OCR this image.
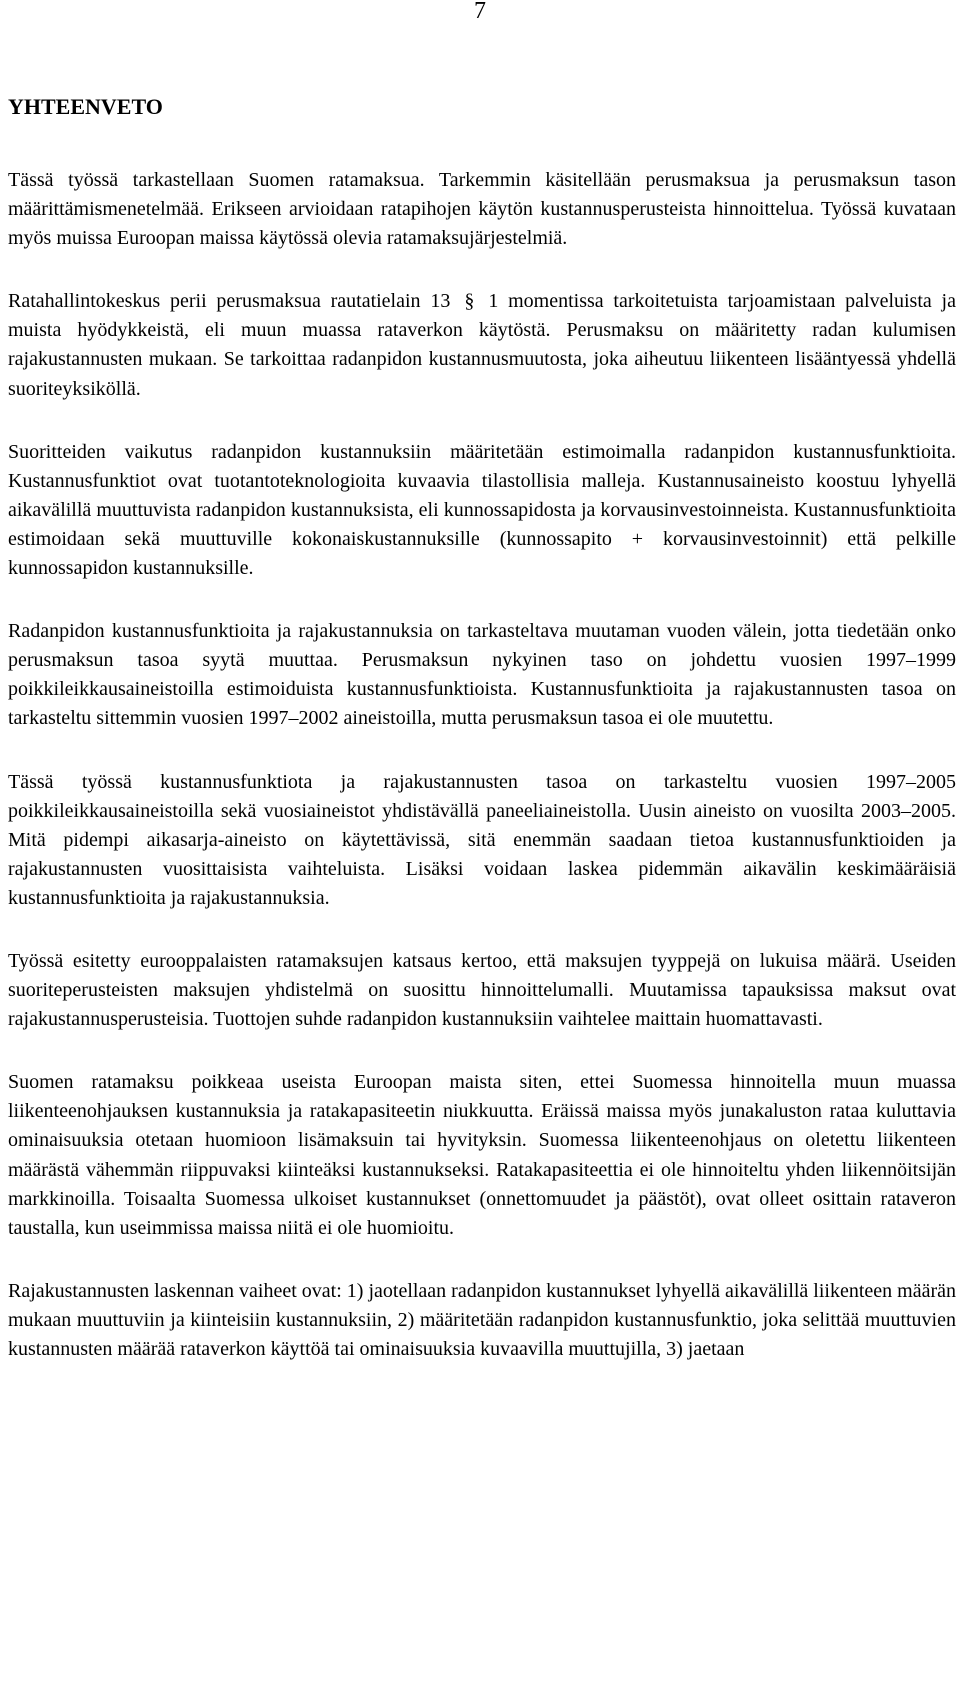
7
YHTEENVETO

Tässä työssä tarkastellaan Suomen ratamaksua. Tarkemmin käsitellään perusmaksua ja perusmaksun tason määrittämismenetelmää. Erikseen arvioidaan ratapihojen käytön kustannusperusteista hinnoittelua. Työssä kuvataan myös muissa Euroopan maissa käytössä olevia ratamaksujärjestelmiä.

Ratahallintokeskus perii perusmaksua rautatielain 13 § 1 momentissa tarkoitetuista tarjoamistaan palveluista ja muista hyödykkeistä, eli muun muassa rataverkon käytöstä. Perusmaksu on määritetty radan kulumisen rajakustannusten mukaan. Se tarkoittaa radanpidon kustannusmuutosta, joka aiheutuu liikenteen lisääntyessä yhdellä suoriteyksiköllä.

Suoritteiden vaikutus radanpidon kustannuksiin määritetään estimoimalla radanpidon kustannusfunktioita. Kustannusfunktiot ovat tuotantoteknologioita kuvaavia tilastollisia malleja. Kustannusaineisto koostuu lyhyellä aikavälillä muuttuvista radanpidon kustannuksista, eli kunnossapidosta ja korvausinvestoinneista. Kustannusfunktioita estimoidaan sekä muuttuville kokonaiskustannuksille (kunnossapito + korvausinvestoinnit) että pelkille kunnossapidon kustannuksille.

Radanpidon kustannusfunktioita ja rajakustannuksia on tarkasteltava muutaman vuoden välein, jotta tiedetään onko perusmaksun tasoa syytä muuttaa. Perusmaksun nykyinen taso on johdettu vuosien 1997–1999 poikkileikkausaineistoilla estimoiduista kustannusfunktioista. Kustannusfunktioita ja rajakustannusten tasoa on tarkasteltu sittemmin vuosien 1997–2002 aineistoilla, mutta perusmaksun tasoa ei ole muutettu.

Tässä työssä kustannusfunktiota ja rajakustannusten tasoa on tarkasteltu vuosien 1997–2005 poikkileikkausaineistoilla sekä vuosiaineistot yhdistävällä paneeliaineistolla. Uusin aineisto on vuosilta 2003–2005. Mitä pidempi aikasarja-aineisto on käytettävissä, sitä enemmän saadaan tietoa kustannusfunktioiden ja rajakustannusten vuosittaisista vaihteluista. Lisäksi voidaan laskea pidemmän aikavälin keskimääräisiä kustannusfunktioita ja rajakustannuksia.

Työssä esitetty eurooppalaisten ratamaksujen katsaus kertoo, että maksujen tyyppejä on lukuisa määrä. Useiden suoriteperusteisten maksujen yhdistelmä on suosittu hinnoittelumalli. Muutamissa tapauksissa maksut ovat rajakustannusperusteisia. Tuottojen suhde radanpidon kustannuksiin vaihtelee maittain huomattavasti.

Suomen ratamaksu poikkeaa useista Euroopan maista siten, ettei Suomessa hinnoitella muun muassa liikenteenohjauksen kustannuksia ja ratakapasiteetin niukkuutta. Eräissä maissa myös junakaluston rataa kuluttavia ominaisuuksia otetaan huomioon lisämaksuin tai hyvityksin. Suomessa liikenteenohjaus on oletettu liikenteen määrästä vähemmän riippuvaksi kiinteäksi kustannukseksi. Ratakapasiteettia ei ole hinnoiteltu yhden liikennöitsijän markkinoilla. Toisaalta Suomessa ulkoiset kustannukset (onnettomuudet ja päästöt), ovat olleet osittain rataveron taustalla, kun useimmissa maissa niitä ei ole huomioitu.

Rajakustannusten laskennan vaiheet ovat: 1) jaotellaan radanpidon kustannukset lyhyellä aikavälillä liikenteen määrän mukaan muuttuviin ja kiinteisiin kustannuksiin, 2) määritetään radanpidon kustannusfunktio, joka selittää muuttuvien kustannusten määrää rataverkon käyttöä tai ominaisuuksia kuvaavilla muuttujilla, 3) jaetaan
